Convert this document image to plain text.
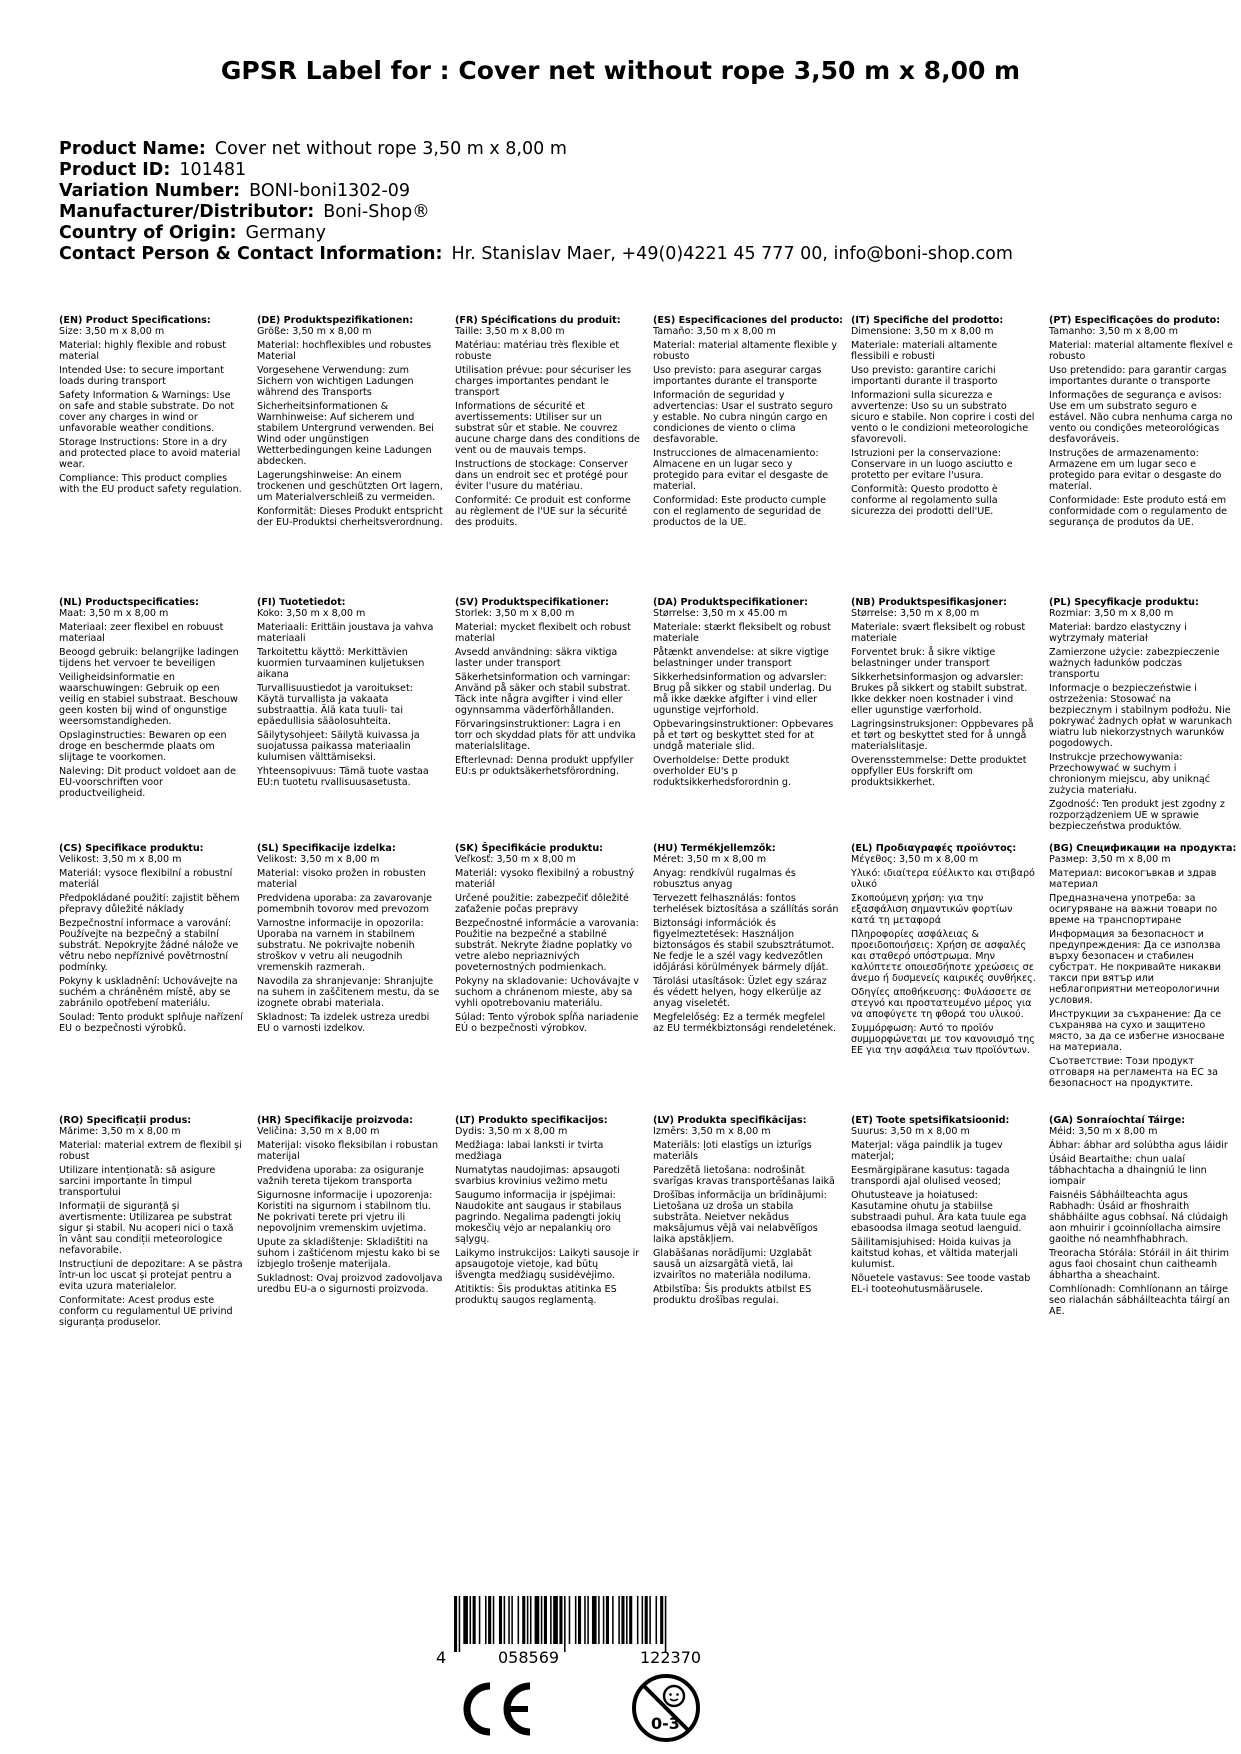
GPSR Label for : Cover net without rope 3,50 m x 8,00 m
Product Name: Cover net without rope 3,50 m x 8,00 m
Product ID: 101481
Variation Number: BONI-boni1302-09
Manufacturer/Distributor: Boni-Shop®
Country of Origin: Germany
Contact Person & Contact Information: Hr. Stanislav Maer, +49(0)4221 45 777 00, info@boni-shop.com
(EN) Product Specifications:
Size: 3,50 m x 8,00 m
Material: highly flexible and robust material
Intended Use: to secure important loads during transport
Safety Information & Warnings: Use on safe and stable substrate. Do not cover any charges in wind or unfavorable weather conditions.
Storage Instructions: Store in a dry and protected place to avoid material wear.
Compliance: This product complies with the EU product safety regulation.
(DE) Produktspezifikationen:
Größe: 3,50 m x 8,00 m
Material: hochflexibles und robustes Material
Vorgesehene Verwendung: zum Sichern von wichtigen Ladungen während des Transports
Sicherheitsinformationen & Warnhinweise: Auf sicherem und stabilem Untergrund verwenden. Bei Wind oder ungünstigen Wetterbedingungen keine Ladungen abdecken.
Lagerungshinweise: An einem trockenen und geschützten Ort lagern, um Materialverschleiß zu vermeiden.
Konformität: Dieses Produkt entspricht der EU-Produktsi cherheitsverordnung.
(FR) Spécifications du produit:
Taille: 3,50 m x 8,00 m
Matériau: matériau très flexible et robuste
Utilisation prévue: pour sécuriser les charges importantes pendant le transport
Informations de sécurité et avertissements: Utiliser sur un substrat sûr et stable. Ne couvrez aucune charge dans des conditions de vent ou de mauvais temps.
Instructions de stockage: Conserver dans un endroit sec et protégé pour éviter l'usure du matériau.
Conformité: Ce produit est conforme au règlement de l'UE sur la sécurité des produits.
(ES) Especificaciones del producto:
Tamaño: 3,50 m x 8,00 m
Material: material altamente flexible y robusto
Uso previsto: para asegurar cargas importantes durante el transporte
Información de seguridad y advertencias: Usar el sustrato seguro y estable. No cubra ningún cargo en condiciones de viento o clima desfavorable.
Instrucciones de almacenamiento: Almacene en un lugar seco y protegido para evitar el desgaste de material.
Conformidad: Este producto cumple con el reglamento de seguridad de productos de la UE.
(IT) Specifiche del prodotto:
Dimensione: 3,50 m x 8,00 m
Materiale: materiali altamente flessibili e robusti
Uso previsto: garantire carichi importanti durante il trasporto
Informazioni sulla sicurezza e avvertenze: Uso su un substrato sicuro e stabile. Non coprire i costi del vento o le condizioni meteorologiche sfavorevoli.
Istruzioni per la conservazione: Conservare in un luogo asciutto e protetto per evitare l'usura.
Conformità: Questo prodotto è conforme al regolamento sulla sicurezza dei prodotti dell'UE.
(PT) Especificações do produto:
Tamanho: 3,50 m x 8,00 m
Material: material altamente flexível e robusto
Uso pretendido: para garantir cargas importantes durante o transporte
Informações de segurança e avisos: Use em um substrato seguro e estável. Não cubra nenhuma carga no vento ou condições meteorológicas desfavoráveis.
Instruções de armazenamento: Armazene em um lugar seco e protegido para evitar o desgaste do material.
Conformidade: Este produto está em conformidade com o regulamento de segurança de produtos da UE.
(NL) Productspecificaties:
Maat: 3,50 m x 8,00 m
Materiaal: zeer flexibel en robuust materiaal
Beoogd gebruik: belangrijke ladingen tijdens het vervoer te beveiligen
Veiligheidsinformatie en waarschuwingen: Gebruik op een veilig en stabiel substraat. Beschouw geen kosten bij wind of ongunstige weersomstandigheden.
Opslaginstructies: Bewaren op een droge en beschermde plaats om slijtage te voorkomen.
Naleving: Dit product voldoet aan de EU-voorschriften voor productveiligheid.
(FI) Tuotetiedot:
Koko: 3,50 m x 8,00 m
Materiaali: Erittäin joustava ja vahva materiaali
Tarkoitettu käyttö: Merkittävien kuormien turvaaminen kuljetuksen aikana
Turvallisuustiedot ja varoitukset: Käytä turvallista ja vakaata substraattia. Älä kata tuuli- tai epäedullisia sääolosuhteita.
Säilytysohjeet: Säilytä kuivassa ja suojatussa paikassa materiaalin kulumisen välttämiseksi.
Yhteensopivuus: Tämä tuote vastaa EU:n tuotetu rvallisuusasetusta.
(SV) Produktspecifikationer:
Storlek: 3,50 m x 8,00 m
Material: mycket flexibelt och robust material
Avsedd användning: säkra viktiga laster under transport
Säkerhetsinformation och varningar: Använd på säker och stabil substrat. Täck inte några avgifter i vind eller ogynnsamma väderförhållanden.
Förvaringsinstruktioner: Lagra i en torr och skyddad plats för att undvika materialslitage.
Efterlevnad: Denna produkt uppfyller EU:s pr oduktsäkerhetsförordning.
(DA) Produktspecifikationer:
Størrelse: 3,50 m x 45.00 m
Materiale: stærkt fleksibelt og robust materiale
Påtænkt anvendelse: at sikre vigtige belastninger under transport
Sikkerhedsinformation og advarsler: Brug på sikker og stabil underlag. Du må ikke dække afgifter i vind eller ugunstige vejrforhold.
Opbevaringsinstruktioner: Opbevares på et tørt og beskyttet sted for at undgå materiale slid.
Overholdelse: Dette produkt overholder EU's p roduktsikkerhedsforordnin g.
(NB) Produktspesifikasjoner:
Størrelse: 3,50 m x 8,00 m
Materiale: svært fleksibelt og robust materiale
Forventet bruk: å sikre viktige belastninger under transport
Sikkerhetsinformasjon og advarsler: Brukes på sikkert og stabilt substrat. Ikke dekker noen kostnader i vind eller ugunstige værforhold.
Lagringsinstruksjoner: Oppbevares på et tørt og beskyttet sted for å unngå materialslitasje.
Overensstemmelse: Dette produktet oppfyller EUs forskrift om produktsikkerhet.
(PL) Specyfikacje produktu:
Rozmiar: 3,50 m x 8,00 m
Materiał: bardzo elastyczny i wytrzymały materiał
Zamierzone użycie: zabezpieczenie ważnych ładunków podczas transportu
Informacje o bezpieczeństwie i ostrzeżenia: Stosować na bezpiecznym i stabilnym podłożu. Nie pokrywać żadnych opłat w warunkach wiatru lub niekorzystnych warunków pogodowych.
Instrukcje przechowywania: Przechowywać w suchym i chronionym miejscu, aby uniknąć zużycia materiału.
Zgodność: Ten produkt jest zgodny z rozporządzeniem UE w sprawie bezpieczeństwa produktów.
(CS) Specifikace produktu:
Velikost: 3,50 m x 8,00 m
Materiál: vysoce flexibilní a robustní materiál
Předpokládané použití: zajistit během přepravy důležité náklady
Bezpečnostní informace a varování: Používejte na bezpečný a stabilní substrát. Nepokryjte žádné nálože ve větru nebo nepříznivé povětrnostní podmínky.
Pokyny k uskladnění: Uchovávejte na suchém a chráněném místě, aby se zabránilo opotřebení materiálu.
Soulad: Tento produkt splňuje nařízení EU o bezpečnosti výrobků.
(SL) Specifikacije izdelka:
Velikost: 3,50 m x 8,00 m
Material: visoko prožen in robusten material
Predvidena uporaba: za zavarovanje pomembnih tovorov med prevozom
Varnostne informacije in opozorila: Uporaba na varnem in stabilnem substratu. Ne pokrivajte nobenih stroškov v vetru ali neugodnih vremenskih razmerah.
Navodila za shranjevanje: Shranjujte na suhem in zaščitenem mestu, da se izognete obrabi materiala.
Skladnost: Ta izdelek ustreza uredbi EU o varnosti izdelkov.
(SK) Špecifikácie produktu:
Veľkosť: 3,50 m x 8,00 m
Materiál: vysoko flexibilný a robustný materiál
Určené použitie: zabezpečiť dôležité zaťaženie počas prepravy
Bezpečnostné informácie a varovania: Použitie na bezpečné a stabilné substrát. Nekryte žiadne poplatky vo vetre alebo nepriaznivých poveternostných podmienkach.
Pokyny na skladovanie: Uchovávajte v suchom a chránenom mieste, aby sa vyhli opotrebovaniu materiálu.
Súlad: Tento výrobok spĺňa nariadenie EÚ o bezpečnosti výrobkov.
(HU) Termékjellemzők:
Méret: 3,50 m x 8,00 m
Anyag: rendkívül rugalmas és robusztus anyag
Tervezett felhasználás: fontos terhelések biztosítása a szállítás során
Biztonsági információk és figyelmeztetések: Használjon biztonságos és stabil szubsztrátumot. Ne fedje le a szél vagy kedvezőtlen időjárási körülmények bármely díját.
Tárolási utasítások: Üzlet egy száraz és védett helyen, hogy elkerülje az anyag viseletét.
Megfelelőség: Ez a termék megfelel az EU termékbiztonsági rendeletének.
(EL) Προδιαγραφές προϊόντος:
Μέγεθος: 3,50 m x 8,00 m
Υλικό: ιδιαίτερα εύέλικτο και στιβαρό υλικό
Σκοπούμενη χρήση: για την εξασφάλιση σημαντικών φορτίων κατά τη μεταφορά
Πληροφορίες ασφάλειας & προειδοποιήσεις: Χρήση σε ασφαλές και σταθερό υπόστρωμα. Μην καλύπτετε οποιεσδήποτε χρεώσεις σε άνεμο ή δυσμενείς καιρικές συνθήκες.
Οδηγίες αποθήκευσης: Φυλάσσετε σε στεγνό και προστατευμένο μέρος για να αποφύγετε τη φθορά του υλικού.
Συμμόρφωση: Αυτό το προϊόν συμμορφώνεται με τον κανονισμό της ΕΕ για την ασφάλεια των προϊόντων.
(BG) Спецификации на продукта:
Размер: 3,50 m x 8,00 m
Материал: високогъвкав и здрав материал
Предназначена употреба: за осигуряване на важни товари по време на транспортиране
Информация за безопасност и предупреждения: Да се използва върху безопасен и стабилен субстрат. Не покривайте никакви такси при вятър или неблагоприятни метеорологични условия.
Инструкции за съхранение: Да се съхранява на сухо и защитено място, за да се избегне износване на материала.
Съответствие: Този продукт отговаря на регламента на ЕС за безопасност на продуктите.
(RO) Specificații produs:
Mărime: 3,50 m x 8,00 m
Material: material extrem de flexibil și robust
Utilizare intenționată: să asigure sarcini importante în timpul transportului
Informații de siguranță și avertismente: Utilizarea pe substrat sigur și stabil. Nu acoperi nici o taxă în vânt sau condiții meteorologice nefavorabile.
Instrucțiuni de depozitare: A se păstra într-un loc uscat și protejat pentru a evita uzura materialelor.
Conformitate: Acest produs este conform cu regulamentul UE privind siguranța produselor.
(HR) Specifikacije proizvoda:
Veličina: 3,50 m x 8,00 m
Materijal: visoko fleksibilan i robustan materijal
Predviđena uporaba: za osiguranje važnih tereta tijekom transporta
Sigurnosne informacije i upozorenja: Koristiti na sigurnom i stabilnom tlu. Ne pokrivati terete pri vjetru ili nepovoljnim vremenskim uvjetima.
Upute za skladištenje: Skladištiti na suhom i zaštićenom mjestu kako bi se izbjeglo trošenje materijala.
Sukladnost: Ovaj proizvod zadovoljava uredbu EU-a o sigurnosti proizvoda.
(LT) Produkto specifikacijos:
Dydis: 3,50 m x 8,00 m
Medžiaga: labai lanksti ir tvirta medžiaga
Numatytas naudojimas: apsaugoti svarbius krovinius vežimo metu
Saugumo informacija ir įspėjimai: Naudokite ant saugaus ir stabilaus pagrindo. Negalima padengti jokių mokesčių vėjo ar nepalankių oro sąlygų.
Laikymo instrukcijos: Laikyti sausoje ir apsaugotoje vietoje, kad būtų išvengta medžiagų susidėvėjimo.
Atitiktis: Šis produktas atitinka ES produktų saugos reglamentą.
(LV) Produkta specifikācijas:
Izmērs: 3,50 m x 8,00 m
Materiāls: ļoti elastīgs un izturīgs materiāls
Paredzētā lietošana: nodrošināt svarīgas kravas transportēšanas laikā
Drošības informācija un brīdinājumi: Lietošana uz droša un stabila substrāta. Neietver nekādus maksājumus vējā vai nelabvēlīgos laika apstākļiem.
Glabāšanas norādījumi: Uzglabāt sausā un aizsargātā vietā, lai izvairītos no materiāla nodiluma.
Atbilstība: Šis produkts atbilst ES produktu drošības regulai.
(ET) Toote spetsifikatsioonid:
Suurus: 3,50 m x 8,00 m
Materjal: väga paindlik ja tugev materjal;
Eesmärgipärane kasutus: tagada transpordi ajal olulised veosed;
Ohutusteave ja hoiatused: Kasutamine ohutu ja stabiilse substraadi puhul. Ära kata tuule ega ebasoodsa ilmaga seotud laenguid.
Säilitamisjuhised: Hoida kuivas ja kaitstud kohas, et vältida materjali kulumist.
Nõuetele vastavus: See toode vastab EL-i tooteohutusmäärusele.
(GA) Sonraíochtaí Táirge:
Méid: 3,50 m x 8,00 m
Ábhar: ábhar ard solúbtha agus láidir
Úsáid Beartaithe: chun ualaí tábhachtacha a dhaingniú le linn iompair
Faisnéis Sábháilteachta agus Rabhadh: Úsáid ar fhoshraith shábháilte agus cobhsaí. Ná clúdaigh aon mhuirir i gcoinníollacha aimsire gaoithe nó neamhfhabhrach.
Treoracha Stórála: Stóráil in áit thirim agus faoi chosaint chun caitheamh ábhartha a sheachaint.
Comhlíonadh: Comhlíonann an táirge seo rialachán sábháilteachta táirgí an AE.
4	058569	122370
0-3
